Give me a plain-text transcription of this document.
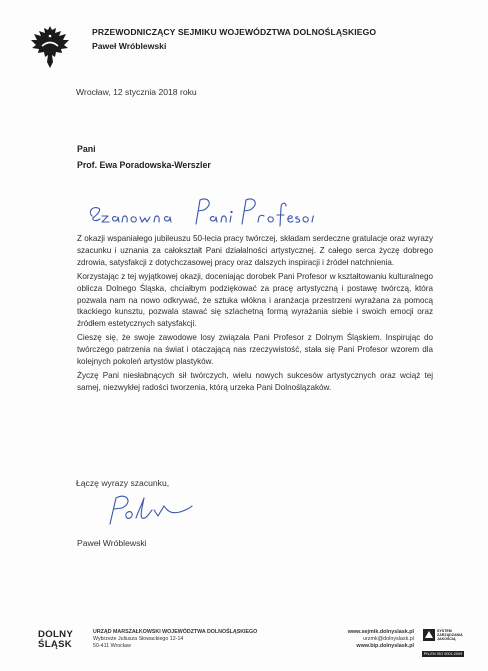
PRZEWODNICZĄCY SEJMIKU WOJEWÓDZTWA DOLNOŚLĄSKIEGO
Paweł Wróblewski
Wrocław, 12 stycznia 2018 roku
Pani
Prof. Ewa Poradowska-Werszler

Z okazji wspaniałego jubileuszu 50-lecia pracy twórczej, składam serdeczne gratulacje oraz wyrazy szacunku i uznania za całokształt Pani działalności artystycznej. Z całego serca życzę dobrego zdrowia, satysfakcji z dotychczasowej pracy oraz dalszych inspiracji i źródeł natchnienia.

Korzystając z tej wyjątkowej okazji, doceniając dorobek Pani Profesor w kształtowaniu kulturalnego oblicza Dolnego Śląska, chciałbym podziękować za pracę artystyczną i postawę twórczą, która pozwala nam na nowo odkrywać, że sztuka włókna i aranżacja przestrzeni wyrażana za pomocą tkackiego kunsztu, pozwala stawać się szlachetną formą wyrażania siebie i swoich emocji oraz źródłem estetycznych satysfakcji.

Cieszę się, że swoje zawodowe losy związała Pani Profesor z Dolnym Śląskiem. Inspirując do twórczego patrzenia na świat i otaczającą nas rzeczywistość, stała się Pani Profesor wzorem dla kolejnych pokoleń artystów plastyków.

Życzę Pani niesłabnących sił twórczych, wielu nowych sukcesów artystycznych oraz wciąż tej samej, niezwykłej radości tworzenia, którą urzeka Pani Dolnoślązaków.

Łączę wyrazy szacunku,
Paweł Wróblewski
DOLNY
ŚLĄSK
URZĄD MARSZAŁKOWSKI WOJEWÓDZTWA DOLNOŚLĄSKIEGO
Wybrzeże Juliusza Słowackiego 12-14
50-411 Wrocław
www.sejmik.dolnyslask.pl
urzmk@dolnyslask.pl
www.bip.dolnyslask.pl
SYSTEM ZARZĄDZANIA JAKOŚCIĄ
PN-EN ISO 9001:2009
